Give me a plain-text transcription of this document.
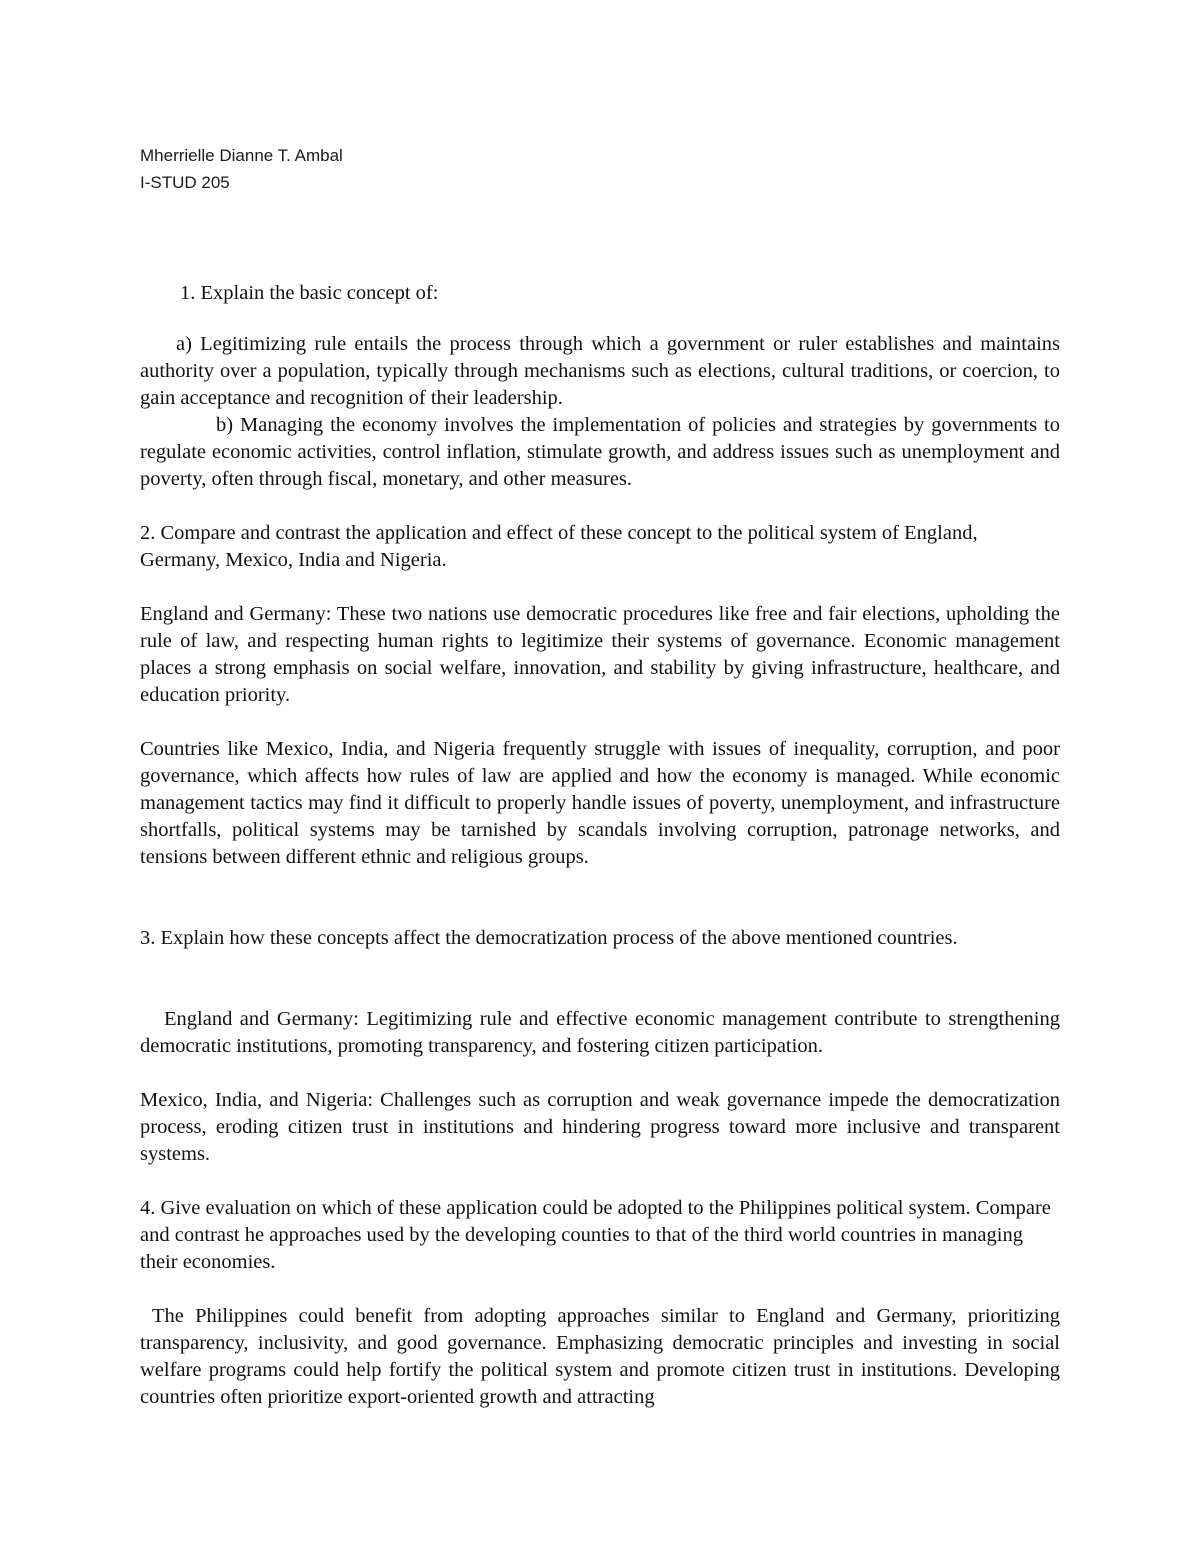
Mherrielle Dianne T. Ambal
I-STUD 205
1. Explain the basic concept of:
a) Legitimizing rule entails the process through which a government or ruler establishes and maintains authority over a population, typically through mechanisms such as elections, cultural traditions, or coercion, to gain acceptance and recognition of their leadership.
b) Managing the economy involves the implementation of policies and strategies by governments to regulate economic activities, control inflation, stimulate growth, and address issues such as unemployment and poverty, often through fiscal, monetary, and other measures.
2. Compare and contrast the application and effect of these concept to the political system of England, Germany, Mexico, India and Nigeria.
England and Germany: These two nations use democratic procedures like free and fair elections, upholding the rule of law, and respecting human rights to legitimize their systems of governance. Economic management places a strong emphasis on social welfare, innovation, and stability by giving infrastructure, healthcare, and education priority.
Countries like Mexico, India, and Nigeria frequently struggle with issues of inequality, corruption, and poor governance, which affects how rules of law are applied and how the economy is managed. While economic management tactics may find it difficult to properly handle issues of poverty, unemployment, and infrastructure shortfalls, political systems may be tarnished by scandals involving corruption, patronage networks, and tensions between different ethnic and religious groups.
3. Explain how these concepts affect the democratization process of the above mentioned countries.
England and Germany: Legitimizing rule and effective economic management contribute to strengthening democratic institutions, promoting transparency, and fostering citizen participation.
Mexico, India, and Nigeria: Challenges such as corruption and weak governance impede the democratization process, eroding citizen trust in institutions and hindering progress toward more inclusive and transparent systems.
4. Give evaluation on which of these application could be adopted to the Philippines political system. Compare and contrast he approaches used by the developing counties to that of the third world countries in managing their economies.
The Philippines could benefit from adopting approaches similar to England and Germany, prioritizing transparency, inclusivity, and good governance. Emphasizing democratic principles and investing in social welfare programs could help fortify the political system and promote citizen trust in institutions. Developing countries often prioritize export-oriented growth and attracting
